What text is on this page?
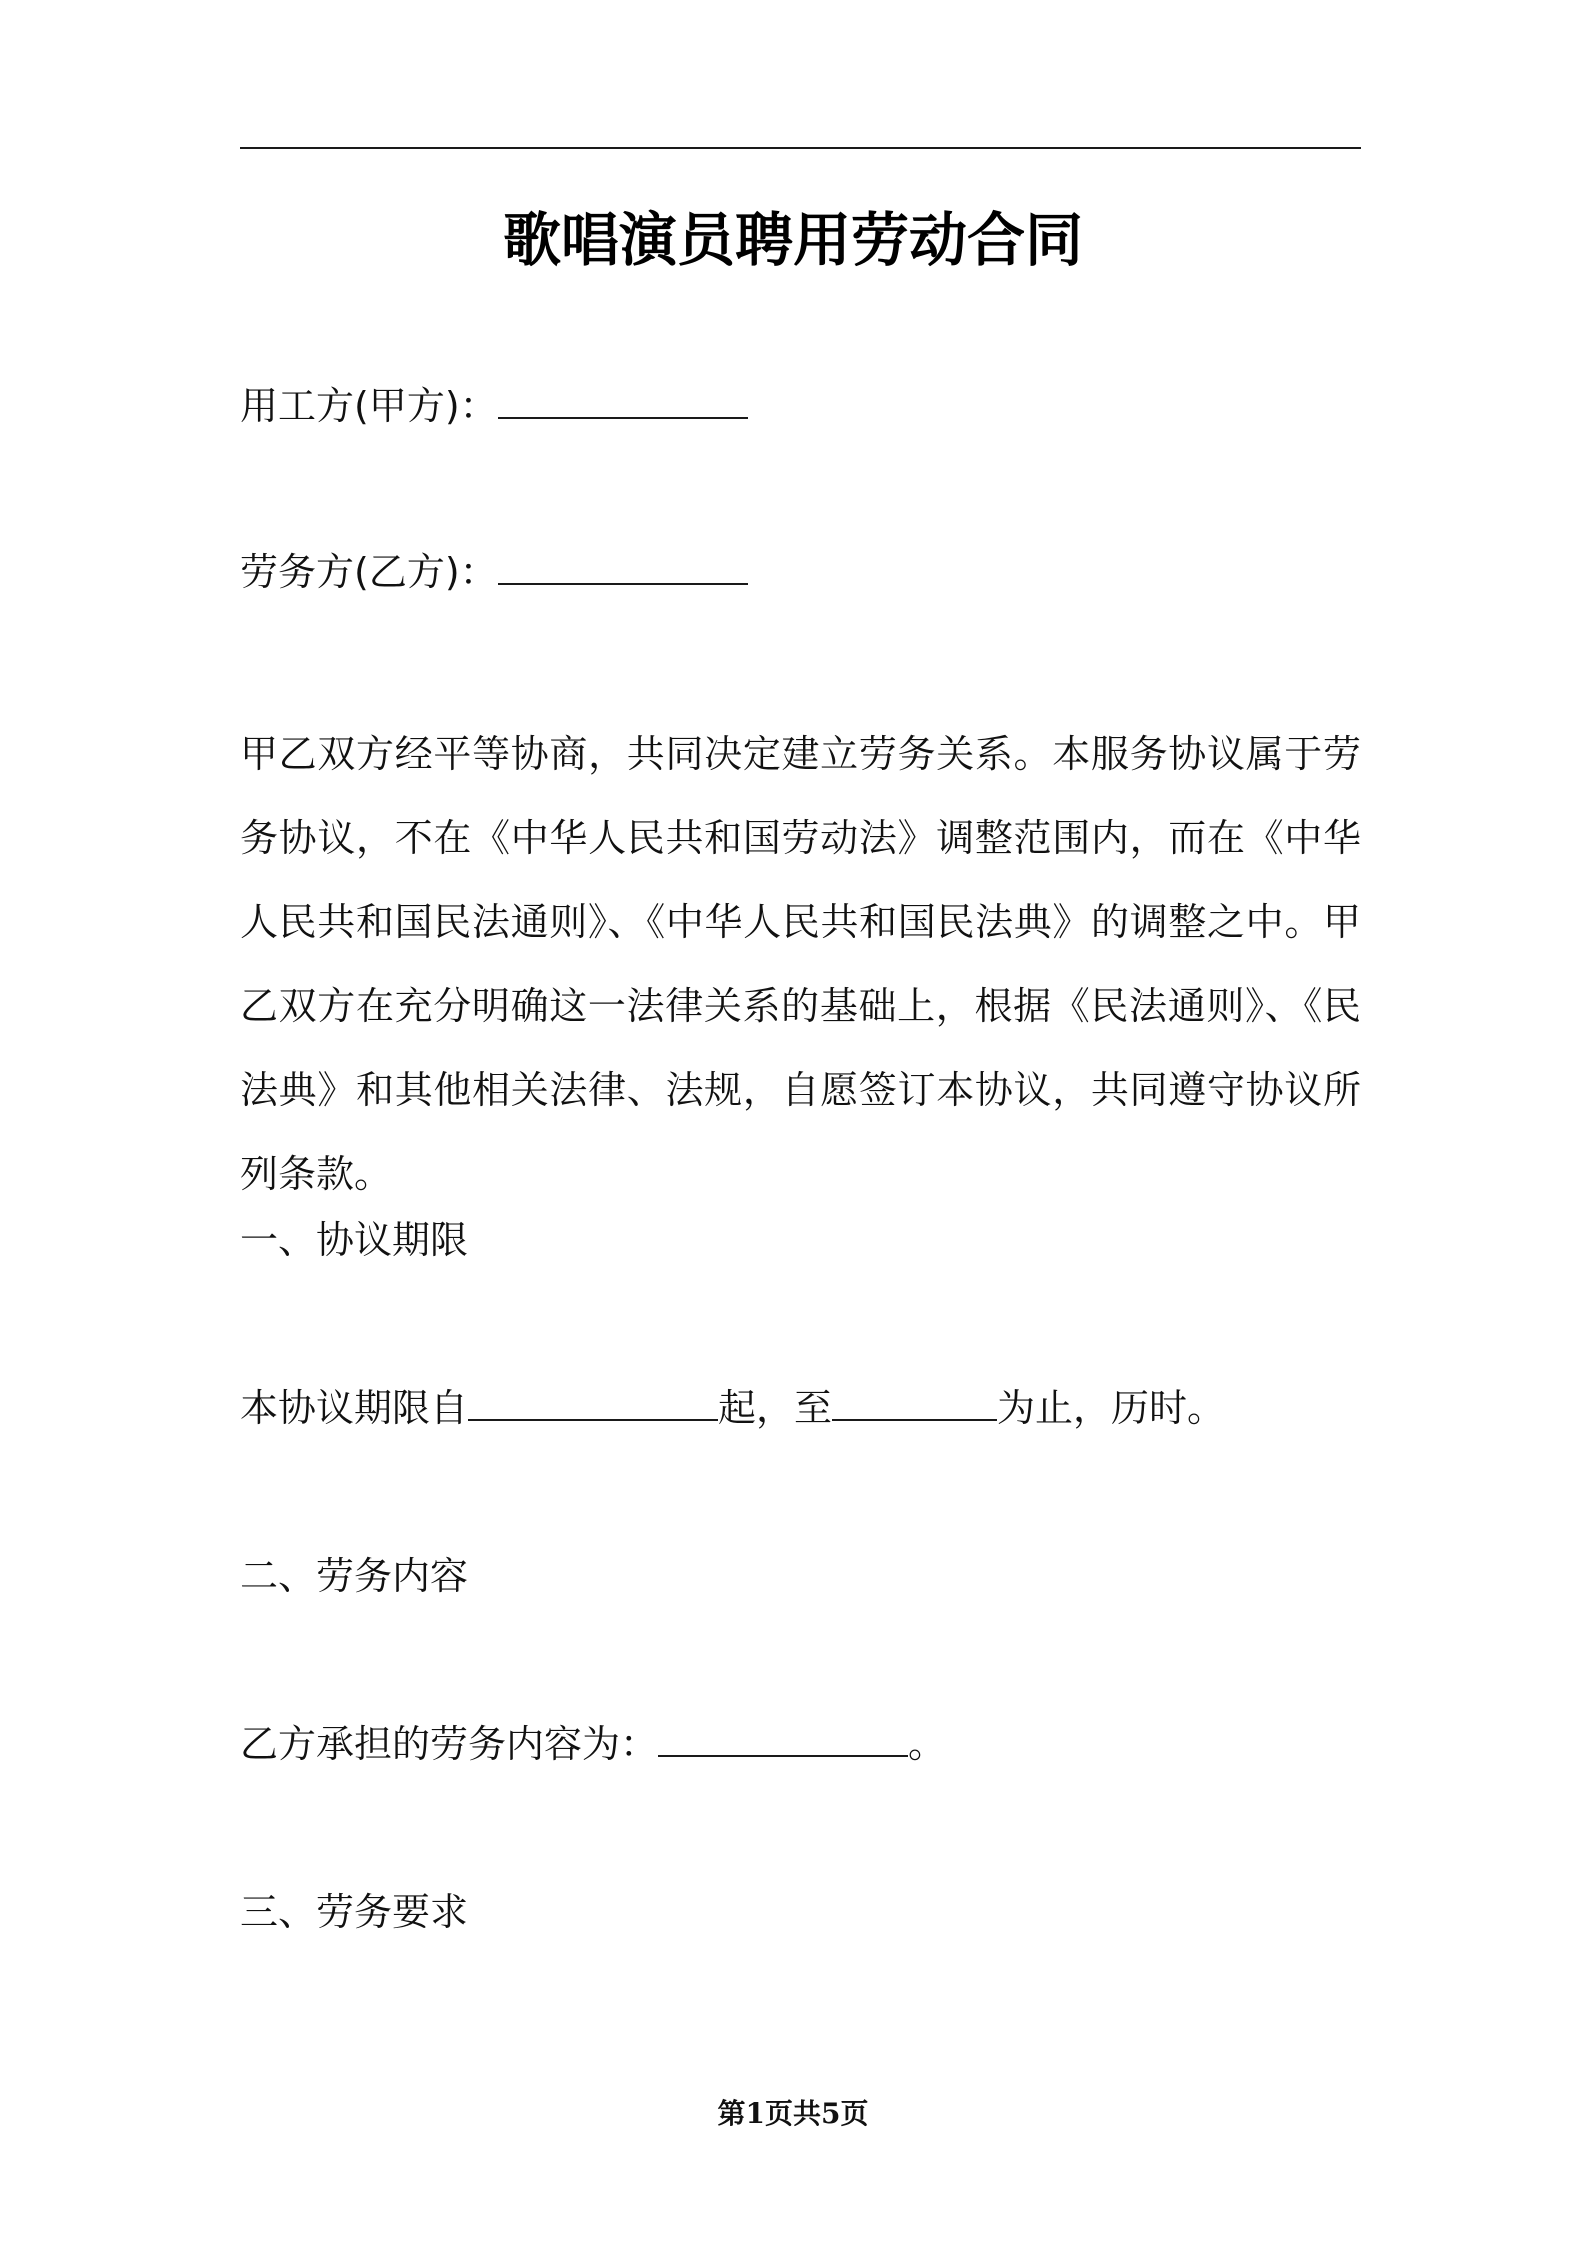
歌唱演员聘用劳动合同
用工方(甲方)：
劳务方(乙方)：
甲乙双方经平等协商，共同决定建立劳务关系。本服务协议属于劳务协议，不在《中华人民共和国劳动法》调整范围内，而在《中华人民共和国民法通则》、《中华人民共和国民法典》的调整之中。甲乙双方在充分明确这一法律关系的基础上，根据《民法通则》、《民法典》和其他相关法律、法规，自愿签订本协议，共同遵守协议所列条款。
一、协议期限
本协议期限自	起，至	为止，历时。
二、劳务内容
乙方承担的劳务内容为：	。
三、劳务要求
第1页共5页
